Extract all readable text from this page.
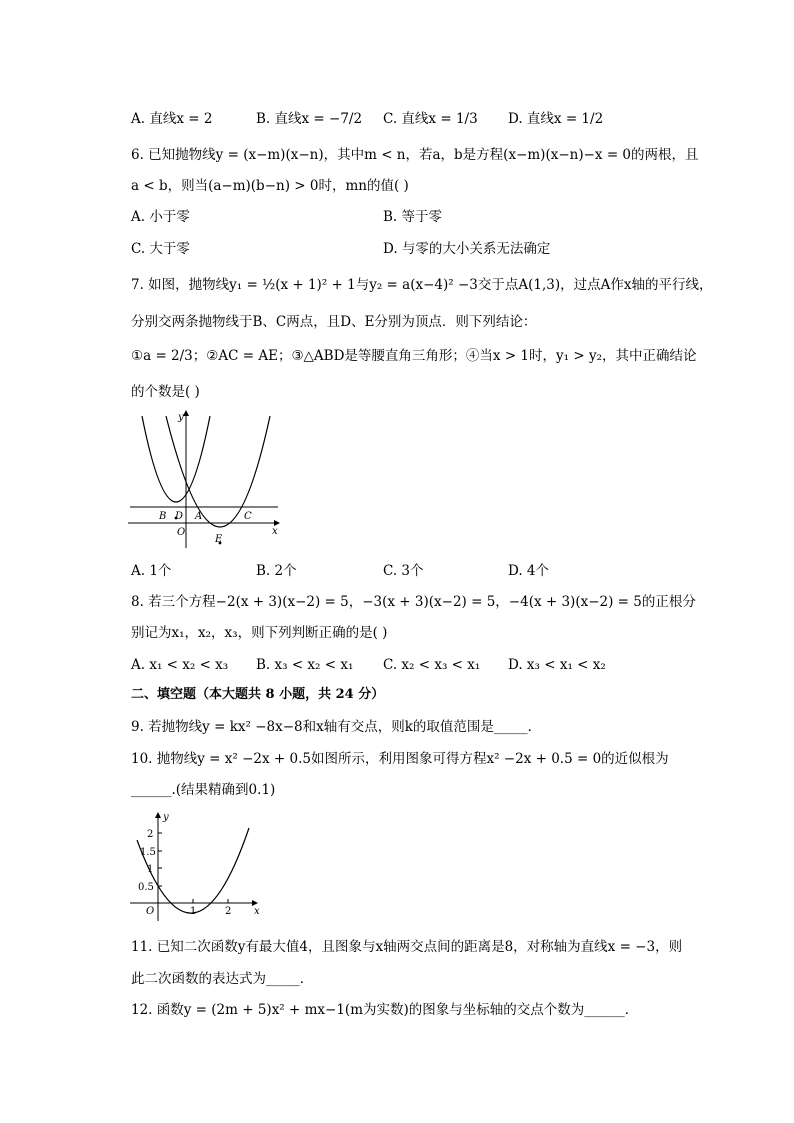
A. 直线x = 2	B. 直线x = −7/2 C. 直线x = 1/3 D. 直线x = 1/2
6. 已知抛物线y = (x−m)(x−n)，其中m < n，若a，b是方程(x−m)(x−n)−x = 0的两根，且
a < b，则当(a−m)(b−n) > 0时，mn的值( )
A. 小于零	B. 等于零
C. 大于零	D. 与零的大小关系无法确定
7. 如图，抛物线y₁ = ½(x + 1)² + 1与y₂ = a(x−4)² −3交于点A(1,3)，过点A作x轴的平行线，
分别交两条抛物线于B、C两点，且D、E分别为顶点．则下列结论：
①a = 2/3；②AC = AE；③△ABD是等腰直角三角形；④当x > 1时，y₁ > y₂，其中正确结论
的个数是( )
y
x
O
B D A	C
E
A. 1个	B. 2个	C. 3个	D. 4个
8. 若三个方程−2(x + 3)(x−2) = 5，−3(x + 3)(x−2) = 5，−4(x + 3)(x−2) = 5的正根分
别记为x₁，x₂，x₃，则下列判断正确的是( )
A. x₁ < x₂ < x₃ B. x₃ < x₂ < x₁ C. x₂ < x₃ < x₁ D. x₃ < x₁ < x₂
二、填空题（本大题共 8 小题，共 24 分）
9. 若抛物线y = kx² −8x−8和x轴有交点，则k的取值范围是_____．
10. 抛物线y = x² −2x + 0.5如图所示，利用图象可得方程x² −2x + 0.5 = 0的近似根为
______.(结果精确到0.1)
y
x
O
2
1.5
1
0.5
1	2
11. 已知二次函数y有最大值4，且图象与x轴两交点间的距离是8，对称轴为直线x = −3，则
此二次函数的表达式为_____．
12. 函数y = (2m + 5)x² + mx−1(m为实数)的图象与坐标轴的交点个数为______．
